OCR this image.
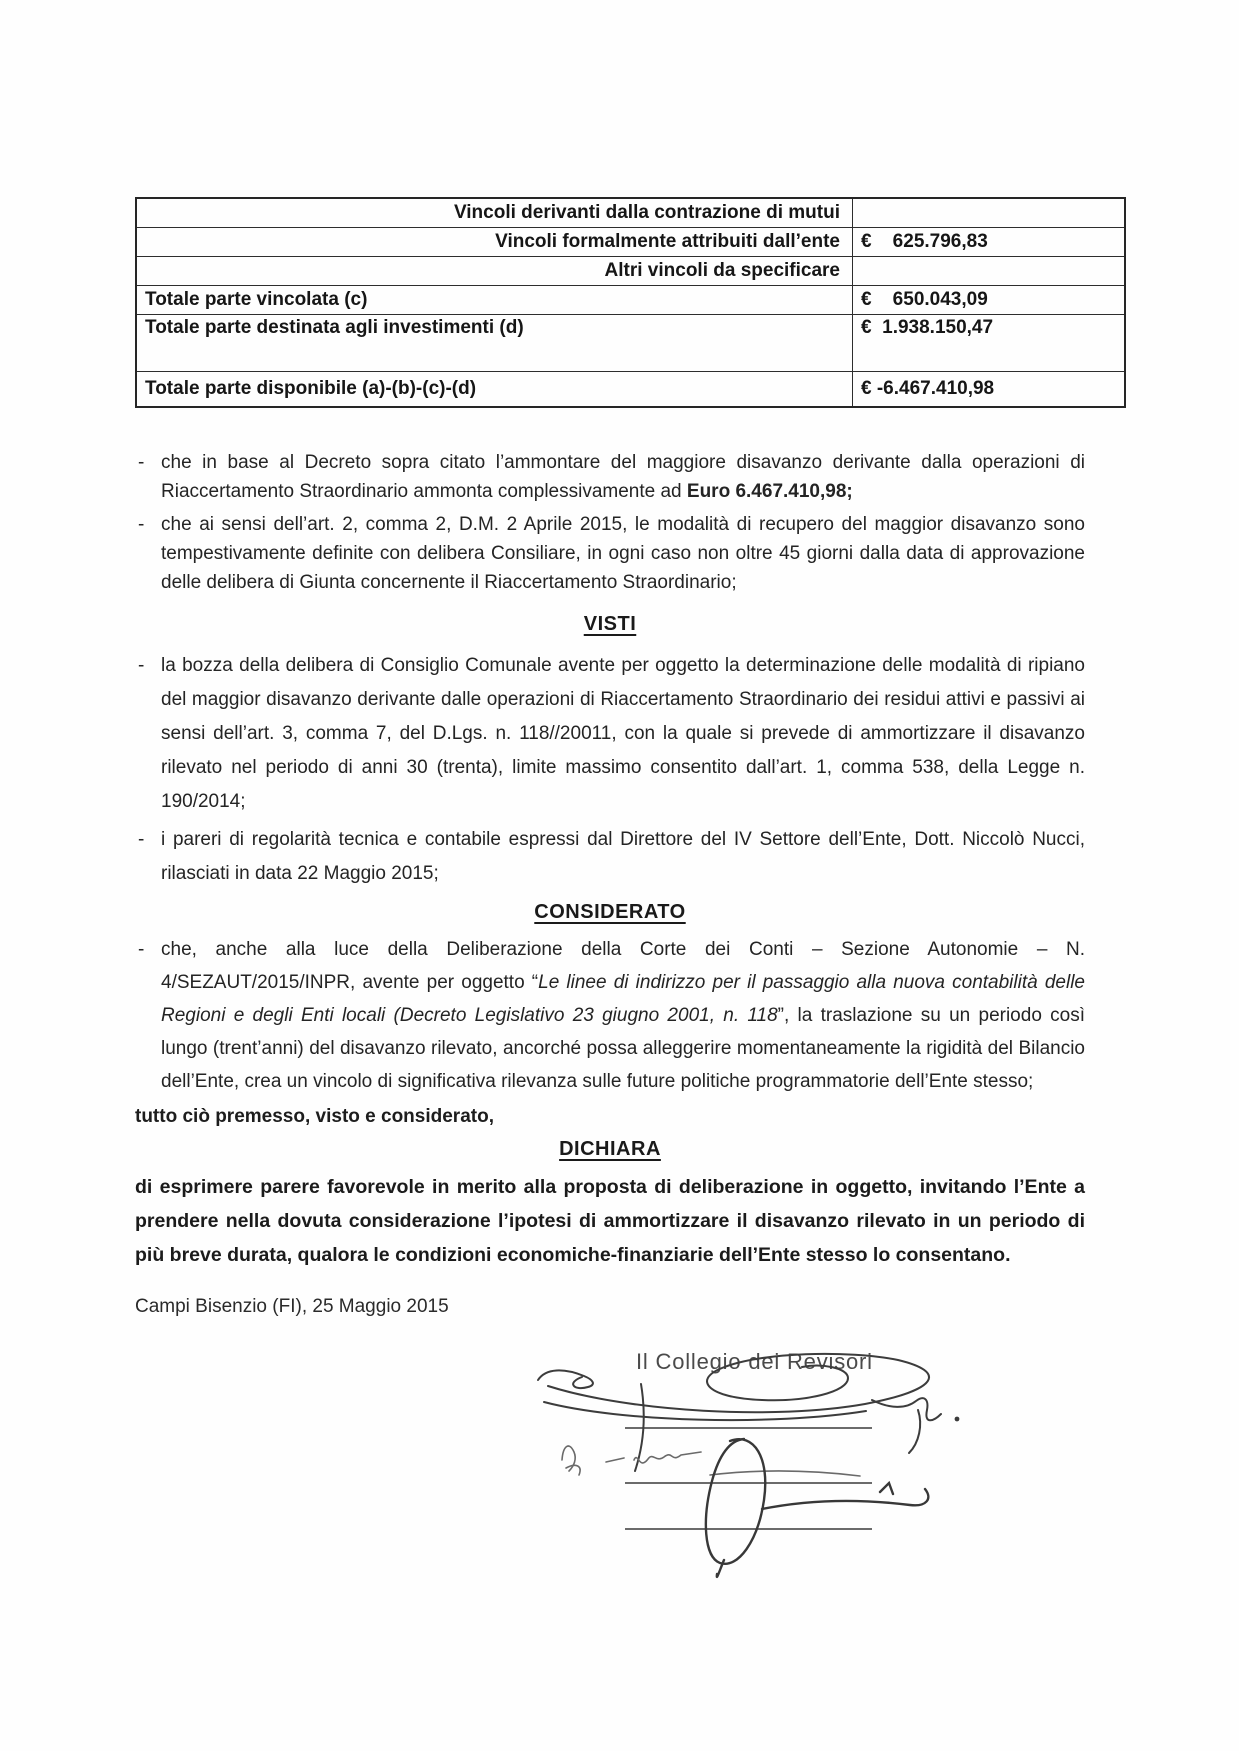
Vincoli derivanti dalla contrazione di mutui	
Vincoli formalmente attribuiti dall’ente	€    625.796,83
Altri vincoli da specificare	
Totale parte vincolata (c)	€    650.043,09
Totale parte destinata agli investimenti (d)	€  1.938.150,47
Totale parte disponibile (a)-(b)-(c)-(d)	€ -6.467.410,98
- che in base al Decreto sopra citato l’ammontare del maggiore disavanzo derivante dalla operazioni di Riaccertamento Straordinario ammonta complessivamente ad Euro 6.467.410,98;
- che ai sensi dell’art. 2, comma 2, D.M. 2 Aprile 2015, le modalità di recupero del maggior disavanzo sono tempestivamente definite con delibera Consiliare, in ogni caso non oltre 45 giorni dalla data di approvazione delle delibera di Giunta concernente il Riaccertamento Straordinario;
VISTI
- la bozza della delibera di Consiglio Comunale avente per oggetto la determinazione delle modalità di ripiano del maggior disavanzo derivante dalle operazioni di Riaccertamento Straordinario dei residui attivi e passivi ai sensi dell’art. 3, comma 7, del D.Lgs. n. 118//20011, con la quale si prevede di ammortizzare il disavanzo rilevato nel periodo di anni 30 (trenta), limite massimo consentito dall’art. 1, comma 538, della Legge n. 190/2014;
- i pareri di regolarità tecnica e contabile espressi dal Direttore del IV Settore dell’Ente, Dott. Niccolò Nucci, rilasciati in data 22 Maggio 2015;
CONSIDERATO
- che, anche alla luce della Deliberazione della Corte dei Conti – Sezione Autonomie – N. 4/SEZAUT/2015/INPR, avente per oggetto “Le linee di indirizzo per il passaggio alla nuova contabilità delle Regioni e degli Enti locali (Decreto Legislativo 23 giugno 2001, n. 118”, la traslazione su un periodo così lungo (trent’anni) del disavanzo rilevato, ancorché possa alleggerire momentaneamente la rigidità del Bilancio dell’Ente, crea un vincolo di significativa rilevanza sulle future politiche programmatorie dell’Ente stesso;
tutto ciò premesso, visto e considerato,
DICHIARA
di esprimere parere favorevole in merito alla proposta di deliberazione in oggetto, invitando l’Ente a prendere nella dovuta considerazione l’ipotesi di ammortizzare il disavanzo rilevato in un periodo di più breve durata, qualora le condizioni economiche-finanziarie dell’Ente stesso lo consentano.
Campi Bisenzio (FI), 25 Maggio 2015
Il Collegio dei Revisori
